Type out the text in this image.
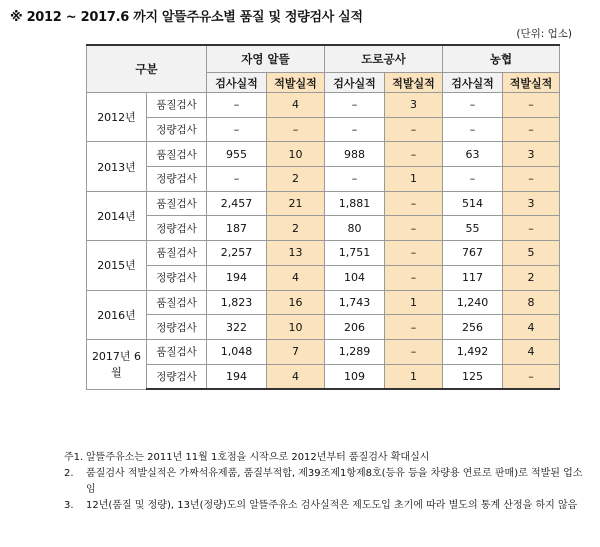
※ 2012 ~ 2017.6 까지 알뜰주유소별 품질 및 정량검사 실적
(단위: 업소)
구분		자영 알뜰		도로공사		농협	
		검사실적	적발실적	검사실적	적발실적	검사실적	적발실적
2012년	품질검사	–	4	–	3	–	–
	정량검사	–	–	–	–	–	–
2013년	품질검사	955	10	988	–	63	3
	정량검사	–	2	–	1	–	–
2014년	품질검사	2,457	21	1,881	–	514	3
	정량검사	187	2	80	–	55	–
2015년	품질검사	2,257	13	1,751	–	767	5
	정량검사	194	4	104	–	117	2
2016년	품질검사	1,823	16	1,743	1	1,240	8
	정량검사	322	10	206	–	256	4
2017년 6월	품질검사	1,048	7	1,289	–	1,492	4
	정량검사	194	4	109	1	125	–
주1. 알뜰주유소는 2011년 11월 1호점을 시작으로 2012년부터 품질검사 확대실시
2. 품질검사 적발실적은 가짜석유제품, 품질부적합, 제39조제1항제8호(등유 등을 차량용 연료로 판매)로 적발된 업소임
3. 12년(품질 및 정량), 13년(정량)도의 알뜰주유소 검사실적은 제도도입 초기에 따라 별도의 통계 산정을 하지 않음
